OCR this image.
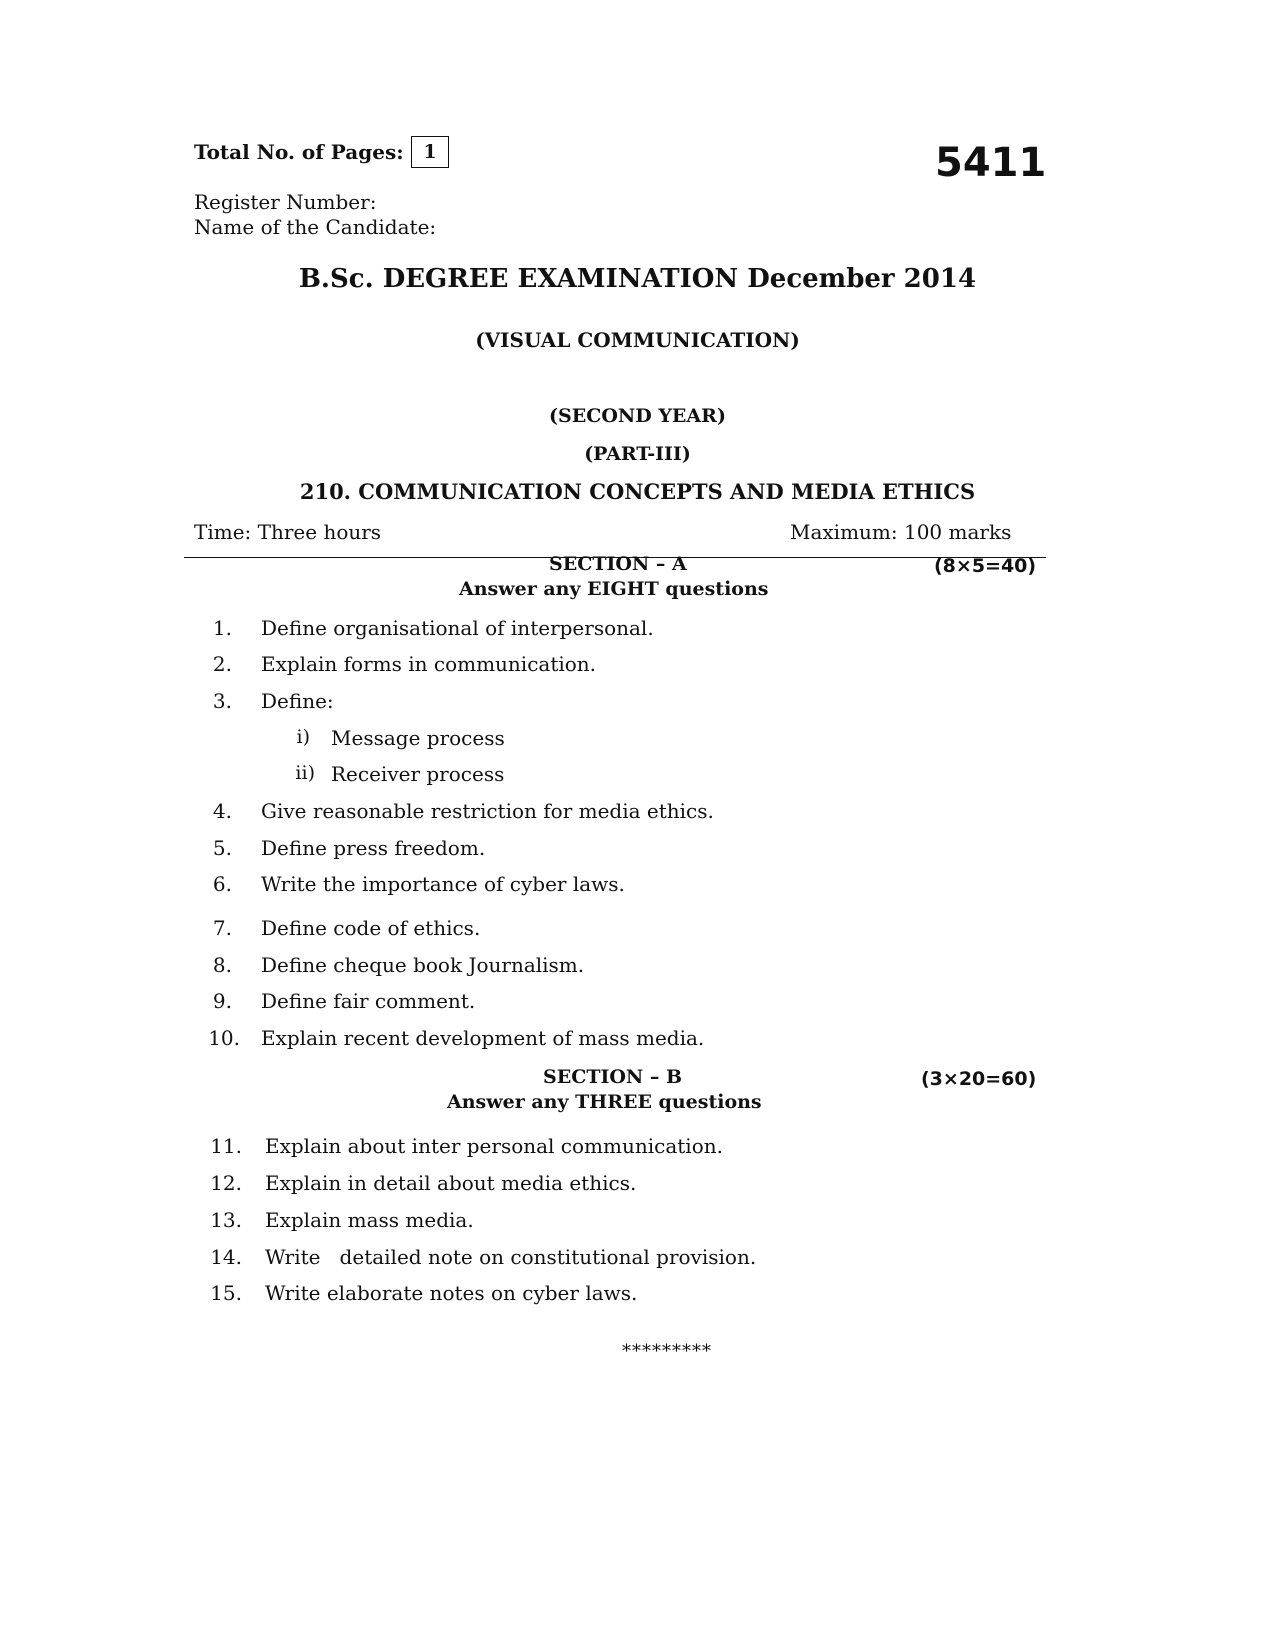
Total No. of Pages:	1	5411
Register Number:
Name of the Candidate:
B.Sc. DEGREE EXAMINATION December 2014
(VISUAL COMMUNICATION)
(SECOND YEAR)
(PART-III)
210. COMMUNICATION CONCEPTS AND MEDIA ETHICS
Time: Three hours	Maximum: 100 marks
SECTION – A	(8×5=40)
Answer any EIGHT questions
1. Define organisational of interpersonal.
2. Explain forms in communication.
3. Define:
i) Message process
ii) Receiver process
4. Give reasonable restriction for media ethics.
5. Define press freedom.
6. Write the importance of cyber laws.
7. Define code of ethics.
8. Define cheque book Journalism.
9. Define fair comment.
10. Explain recent development of mass media.
SECTION – B	(3×20=60)
Answer any THREE questions
11. Explain about inter personal communication.
12. Explain in detail about media ethics.
13. Explain mass media.
14. Write   detailed note on constitutional provision.
15. Write elaborate notes on cyber laws.
*********
